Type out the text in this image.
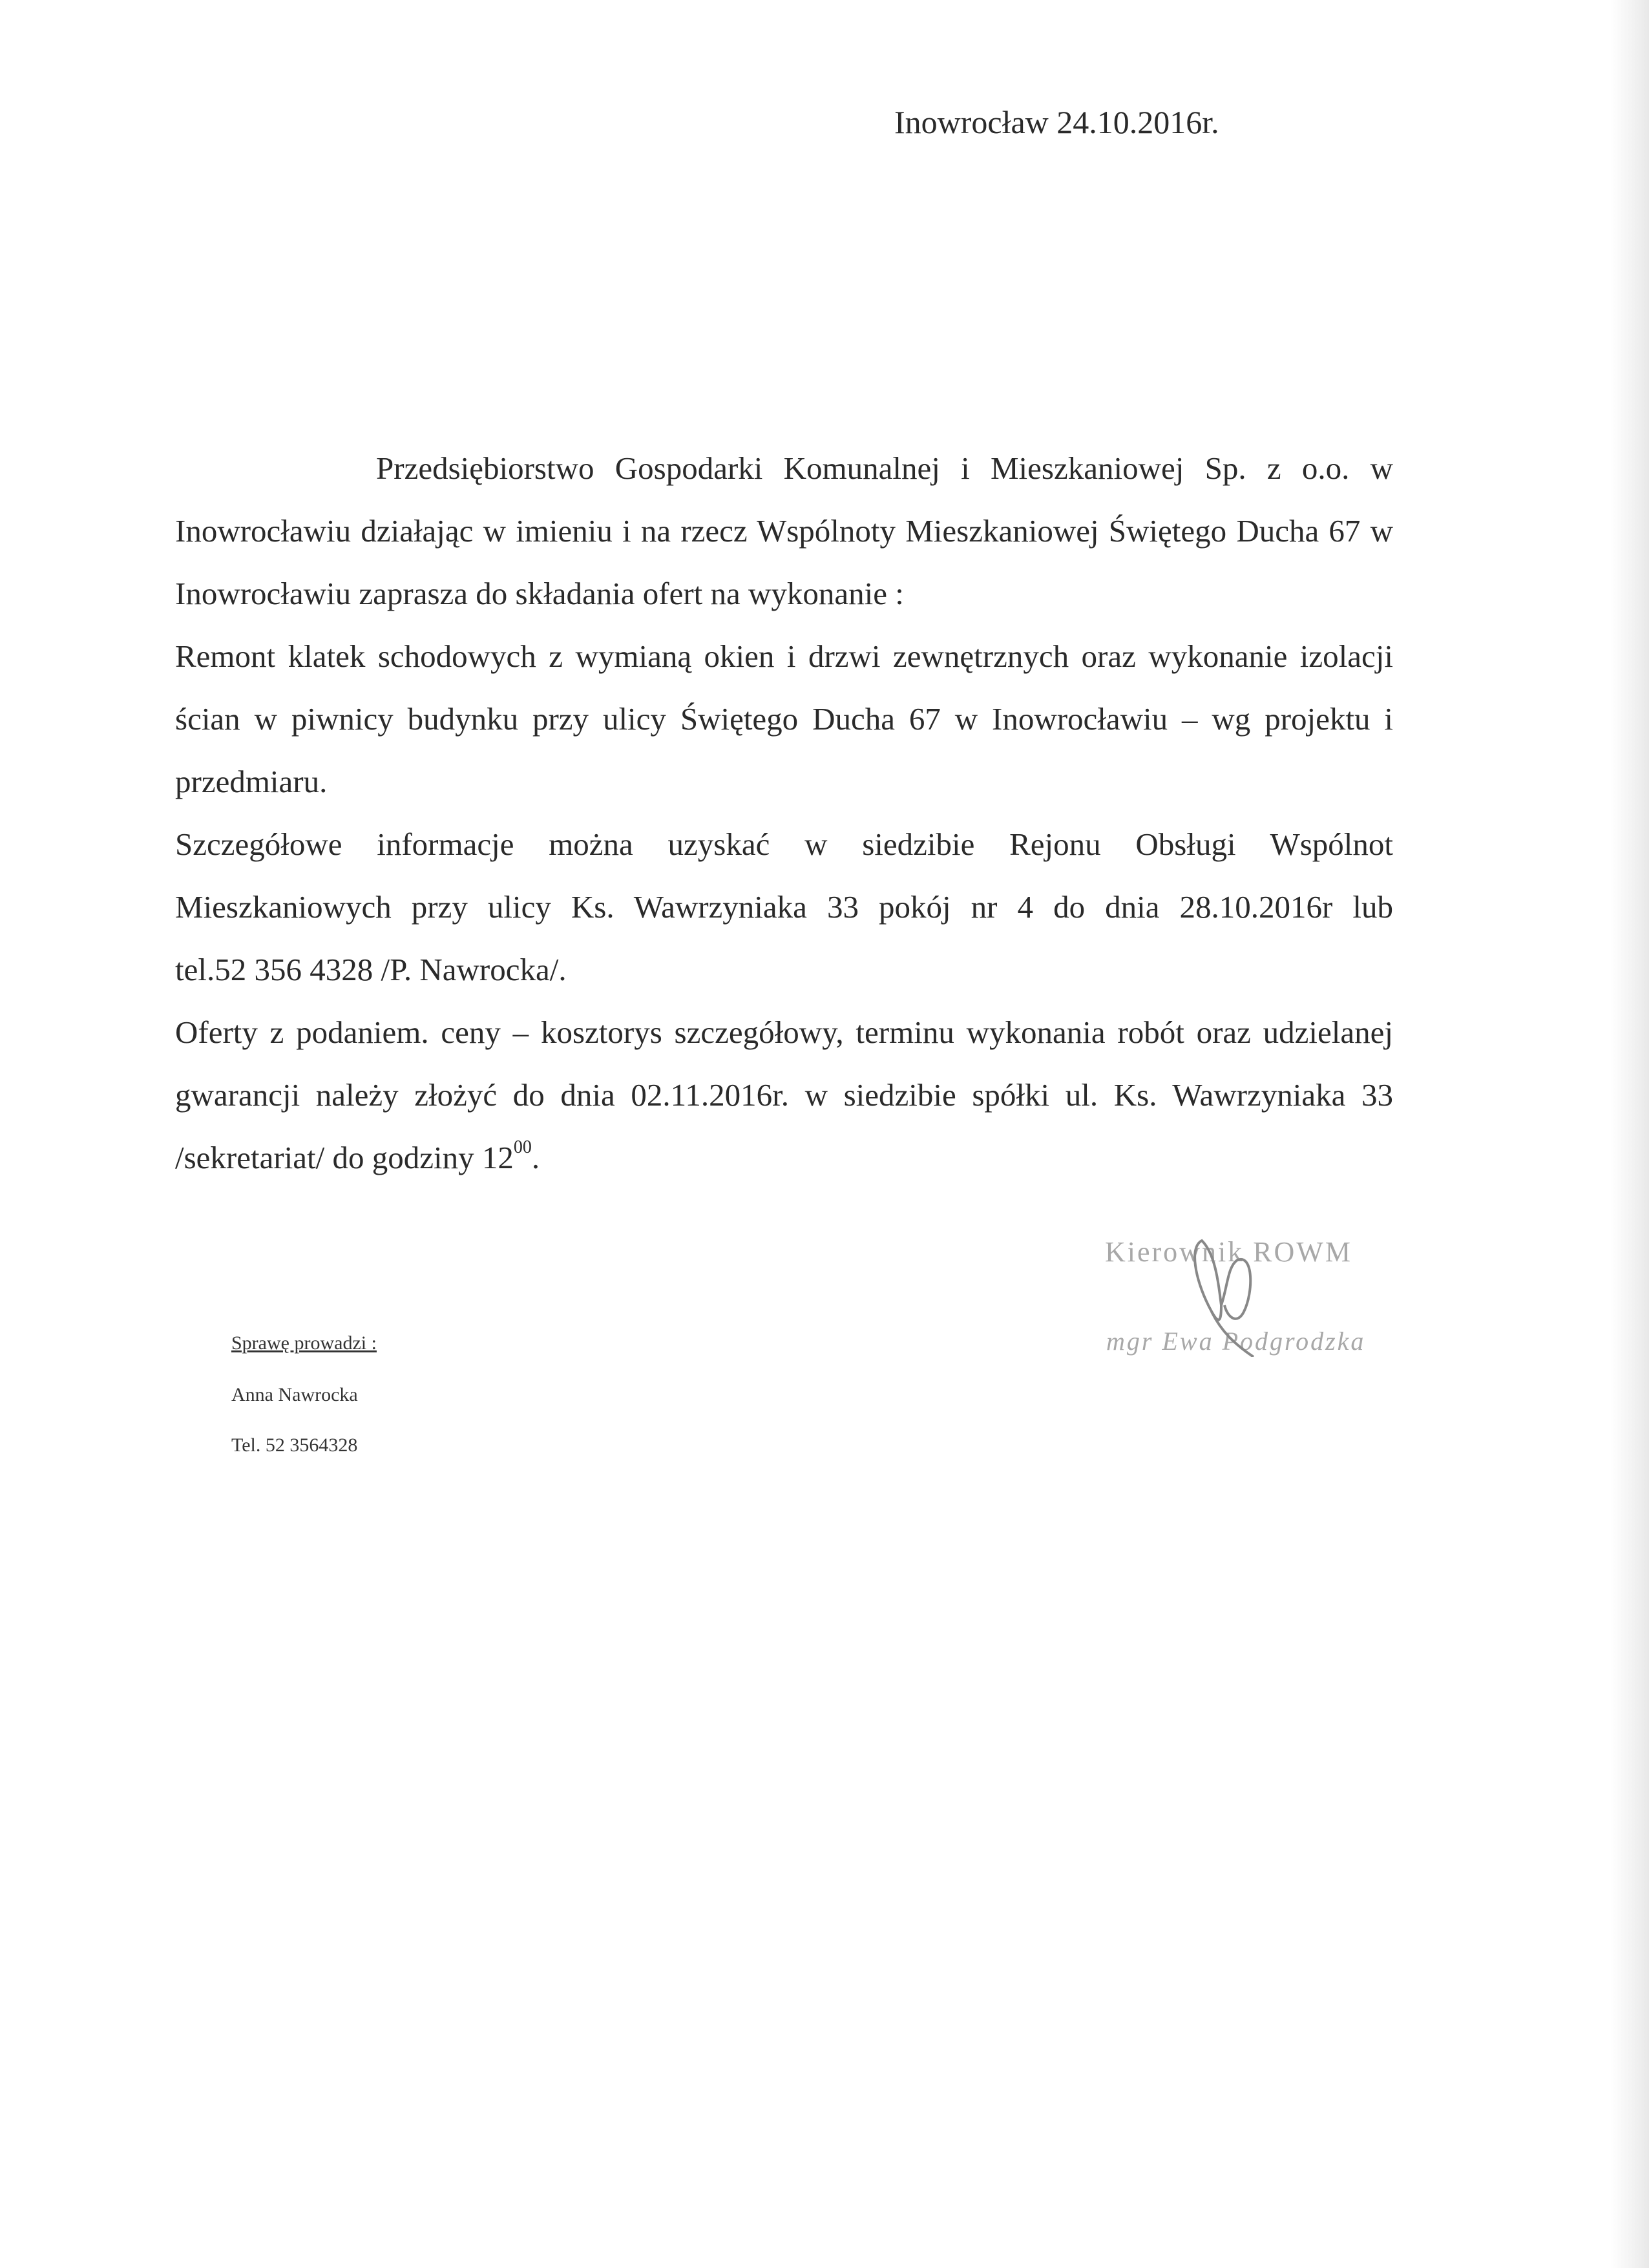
Inowrocław 24.10.2016r.
Przedsiębiorstwo Gospodarki Komunalnej i Mieszkaniowej Sp. z o.o. w
Inowrocławiu działając w imieniu i na rzecz Wspólnoty Mieszkaniowej Świętego Ducha 67 w
Inowrocławiu zaprasza do składania ofert na wykonanie :
Remont klatek schodowych z wymianą okien i drzwi zewnętrznych oraz wykonanie izolacji
ścian w piwnicy budynku przy ulicy Świętego Ducha 67 w Inowrocławiu – wg projektu i
przedmiaru.
Szczegółowe informacje można uzyskać w siedzibie Rejonu Obsługi Wspólnot
Mieszkaniowych przy ulicy Ks. Wawrzyniaka 33 pokój nr 4 do dnia 28.10.2016r lub
tel.52 356 4328 /P. Nawrocka/.
Oferty z podaniem. ceny – kosztorys szczegółowy, terminu wykonania robót oraz udzielanej
gwarancji należy złożyć do dnia 02.11.2016r. w siedzibie spółki ul. Ks. Wawrzyniaka 33
/sekretariat/ do godziny $12^{00}$.
Sprawę prowadzi :
Anna Nawrocka
Tel. 52 3564328
Kierownik ROWM
mgr Ewa Podgrodzka
